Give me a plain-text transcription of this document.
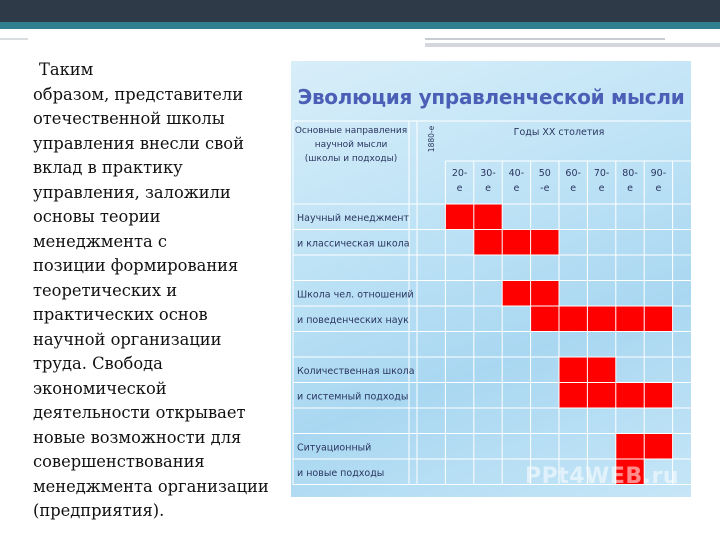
Таким
образом, представители
отечественной школы
управления внесли свой
вклад в практику
управления, заложили
основы теории
менеджмента с
позиции формирования
теоретических и
практических основ
научной организации
труда. Свобода
экономической
деятельности открывает
новые возможности для
совершенствования
менеджмента организации
(предприятия).
Эволюция управленческой мысли
Основные направления
научной мысли
(школы и подходы)
Годы XX столетия
1880-е
20-
е
30-
е
40-
е
50
-е
60-
е
70-
е
80-
е
90-
е
Научный менеджмент
и классическая школа
Школа чел. отношений
и поведенческих наук
Количественная школа
и системный подходы
Ситуационный
и новые подходы	PPt4WEB.ru
